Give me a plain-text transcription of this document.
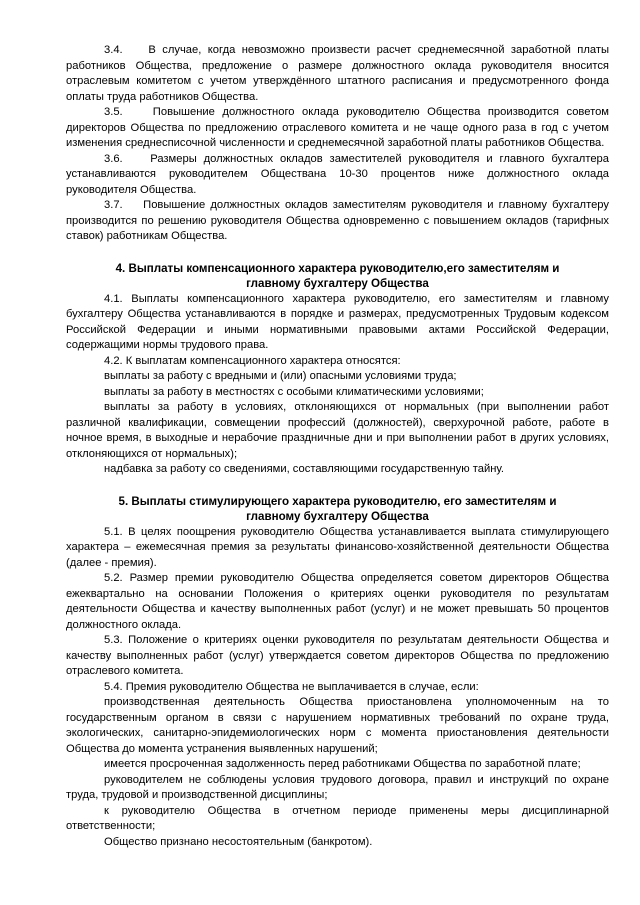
3.4.    В случае, когда невозможно произвести расчет среднемесячной заработной платы работников Общества, предложение о размере должностного оклада руководителя вносится отраслевым комитетом с учетом утверждённого штатного расписания и предусмотренного фонда оплаты труда работников Общества.

3.5.    Повышение должностного оклада руководителю Общества производится советом директоров Общества по предложению отраслевого комитета и не чаще одного раза в год с учетом изменения среднесписочной численности и среднемесячной заработной платы работников Общества.

3.6.    Размеры должностных окладов заместителей руководителя и главного бухгалтера устанавливаются руководителем Обществана 10-30 процентов ниже должностного оклада руководителя Общества.

3.7.    Повышение должностных окладов заместителям руководителя и главному бухгалтеру производится по решению руководителя Общества одновременно с повышением окладов (тарифных ставок) работникам Общества.

4. Выплаты компенсационного характера руководителю,его заместителям и
главному бухгалтеру Общества

4.1. Выплаты компенсационного характера руководителю, его заместителям и главному бухгалтеру Общества устанавливаются в порядке и размерах, предусмотренных Трудовым кодексом Российской Федерации и иными нормативными правовыми актами Российской Федерации, содержащими нормы трудового права.

4.2. К выплатам компенсационного характера относятся:

выплаты за работу с вредными и (или) опасными условиями труда;

выплаты за работу в местностях с особыми климатическими условиями;

выплаты за работу в условиях, отклоняющихся от нормальных (при выполнении работ различной квалификации, совмещении профессий (должностей), сверхурочной работе, работе в ночное время, в выходные и нерабочие праздничные дни и при выполнении работ в других условиях, отклоняющихся от нормальных);

надбавка за работу со сведениями, составляющими государственную тайну.

5. Выплаты стимулирующего характера руководителю, его заместителям и
главному бухгалтеру Общества

5.1. В целях поощрения руководителю Общества устанавливается выплата стимулирующего характера – ежемесячная премия за результаты финансово-хозяйственной деятельности Общества (далее - премия).

5.2. Размер премии руководителю Общества определяется советом директоров Общества ежеквартально на основании Положения о критериях оценки руководителя по результатам деятельности Общества и качеству выполненных работ (услуг) и не может превышать 50 процентов должностного оклада.

5.3. Положение о критериях оценки руководителя по результатам деятельности Общества и качеству выполненных работ (услуг) утверждается советом директоров Общества по предложению отраслевого комитета.

5.4. Премия руководителю Общества не выплачивается в случае, если:

производственная деятельность Общества приостановлена уполномоченным на то государственным органом в связи с нарушением нормативных требований по охране труда, экологических, санитарно-эпидемиологических норм с момента приостановления деятельности Общества до момента устранения выявленных нарушений;

имеется просроченная задолженность перед работниками Общества по заработной плате;

руководителем не соблюдены условия трудового договора, правил и инструкций по охране труда, трудовой и производственной дисциплины;

к руководителю Общества в отчетном периоде применены меры дисциплинарной ответственности;

Общество признано несостоятельным (банкротом).
